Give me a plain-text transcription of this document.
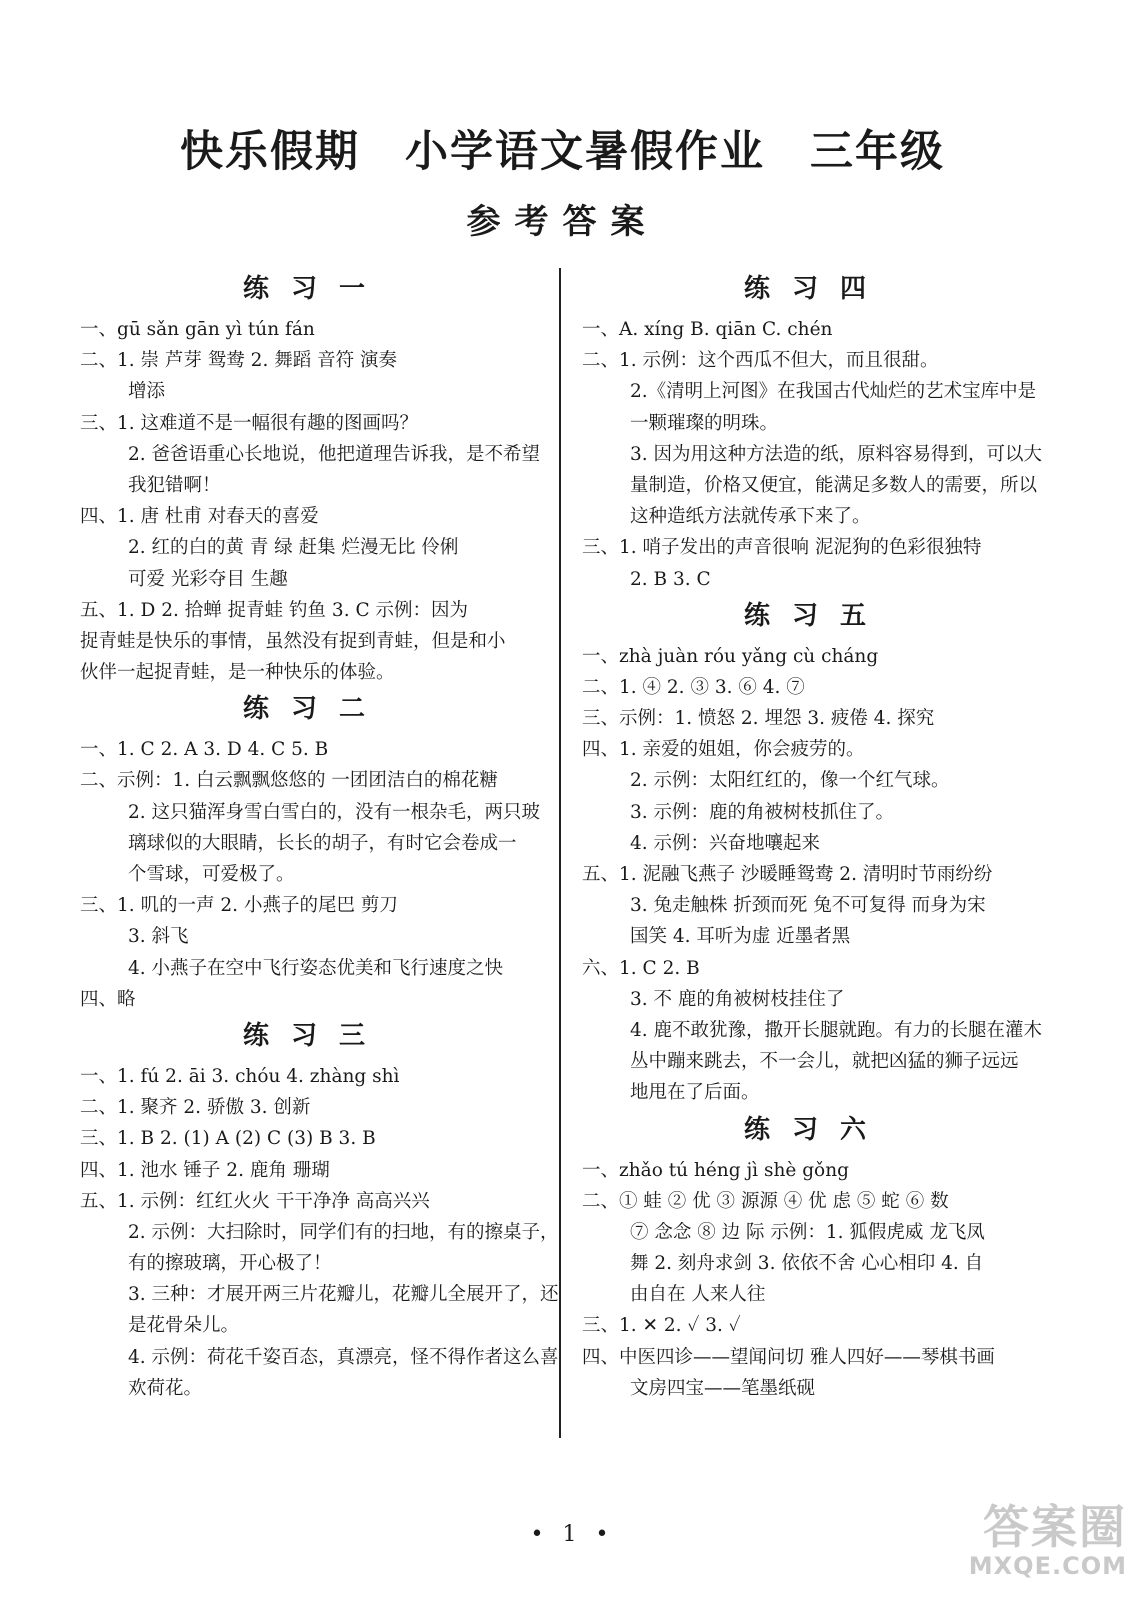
快乐假期　小学语文暑假作业　三年级
参考答案
练习一
一、gū sǎn gān yì tún fán
二、1. 崇 芦芽 鸳鸯 2. 舞蹈 音符 演奏
增添
三、1. 这难道不是一幅很有趣的图画吗？
2. 爸爸语重心长地说，他把道理告诉我，是不希望
我犯错啊！
四、1. 唐 杜甫 对春天的喜爱
2. 红的白的黄 青 绿 赶集 烂漫无比 伶俐
可爱 光彩夺目 生趣
五、1. D 2. 拾蝉 捉青蛙 钓鱼 3. C 示例：因为
捉青蛙是快乐的事情，虽然没有捉到青蛙，但是和小
伙伴一起捉青蛙，是一种快乐的体验。
练习二
一、1. C 2. A 3. D 4. C 5. B
二、示例：1. 白云飘飘悠悠的 一团团洁白的棉花糖
2. 这只猫浑身雪白雪白的，没有一根杂毛，两只玻
璃球似的大眼睛，长长的胡子，有时它会卷成一
个雪球，可爱极了。
三、1. 叽的一声 2. 小燕子的尾巴 剪刀
3. 斜飞
4. 小燕子在空中飞行姿态优美和飞行速度之快
四、略
练习三
一、1. fú 2. āi 3. chóu 4. zhàng shì
二、1. 聚齐 2. 骄傲 3. 创新
三、1. B 2. (1) A (2) C (3) B 3. B
四、1. 池水 锤子 2. 鹿角 珊瑚
五、1. 示例：红红火火 干干净净 高高兴兴
2. 示例：大扫除时，同学们有的扫地，有的擦桌子，
有的擦玻璃，开心极了！
3. 三种：才展开两三片花瓣儿，花瓣儿全展开了，还
是花骨朵儿。
4. 示例：荷花千姿百态，真漂亮，怪不得作者这么喜
欢荷花。
练习四
一、A. xíng B. qiān C. chén
二、1. 示例：这个西瓜不但大，而且很甜。
2.《清明上河图》在我国古代灿烂的艺术宝库中是
一颗璀璨的明珠。
3. 因为用这种方法造的纸，原料容易得到，可以大
量制造，价格又便宜，能满足多数人的需要，所以
这种造纸方法就传承下来了。
三、1. 哨子发出的声音很响 泥泥狗的色彩很独特
2. B 3. C
练习五
一、zhà juàn róu yǎng cù cháng
二、1. ④ 2. ③ 3. ⑥ 4. ⑦
三、示例：1. 愤怒 2. 埋怨 3. 疲倦 4. 探究
四、1. 亲爱的姐姐，你会疲劳的。
2. 示例：太阳红红的，像一个红气球。
3. 示例：鹿的角被树枝抓住了。
4. 示例：兴奋地嚷起来
五、1. 泥融飞燕子 沙暖睡鸳鸯 2. 清明时节雨纷纷
3. 兔走触株 折颈而死 兔不可复得 而身为宋
国笑 4. 耳听为虚 近墨者黑
六、1. C 2. B
3. 不 鹿的角被树枝挂住了
4. 鹿不敢犹豫，撒开长腿就跑。有力的长腿在灌木
丛中蹦来跳去，不一会儿，就把凶猛的狮子远远
地甩在了后面。
练习六
一、zhǎo tú héng jì shè gǒng
二、① 蛙 ② 优 ③ 源源 ④ 优 虑 ⑤ 蛇 ⑥ 数
⑦ 念念 ⑧ 边 际 示例：1. 狐假虎威 龙飞凤
舞 2. 刻舟求剑 3. 依依不舍 心心相印 4. 自
由自在 人来人往
三、1. ✕ 2. ✓ 3. ✓
四、中医四诊——望闻问切 雅人四好——琴棋书画
文房四宝——笔墨纸砚
• 1 •	答案圈
MXQE.COM
